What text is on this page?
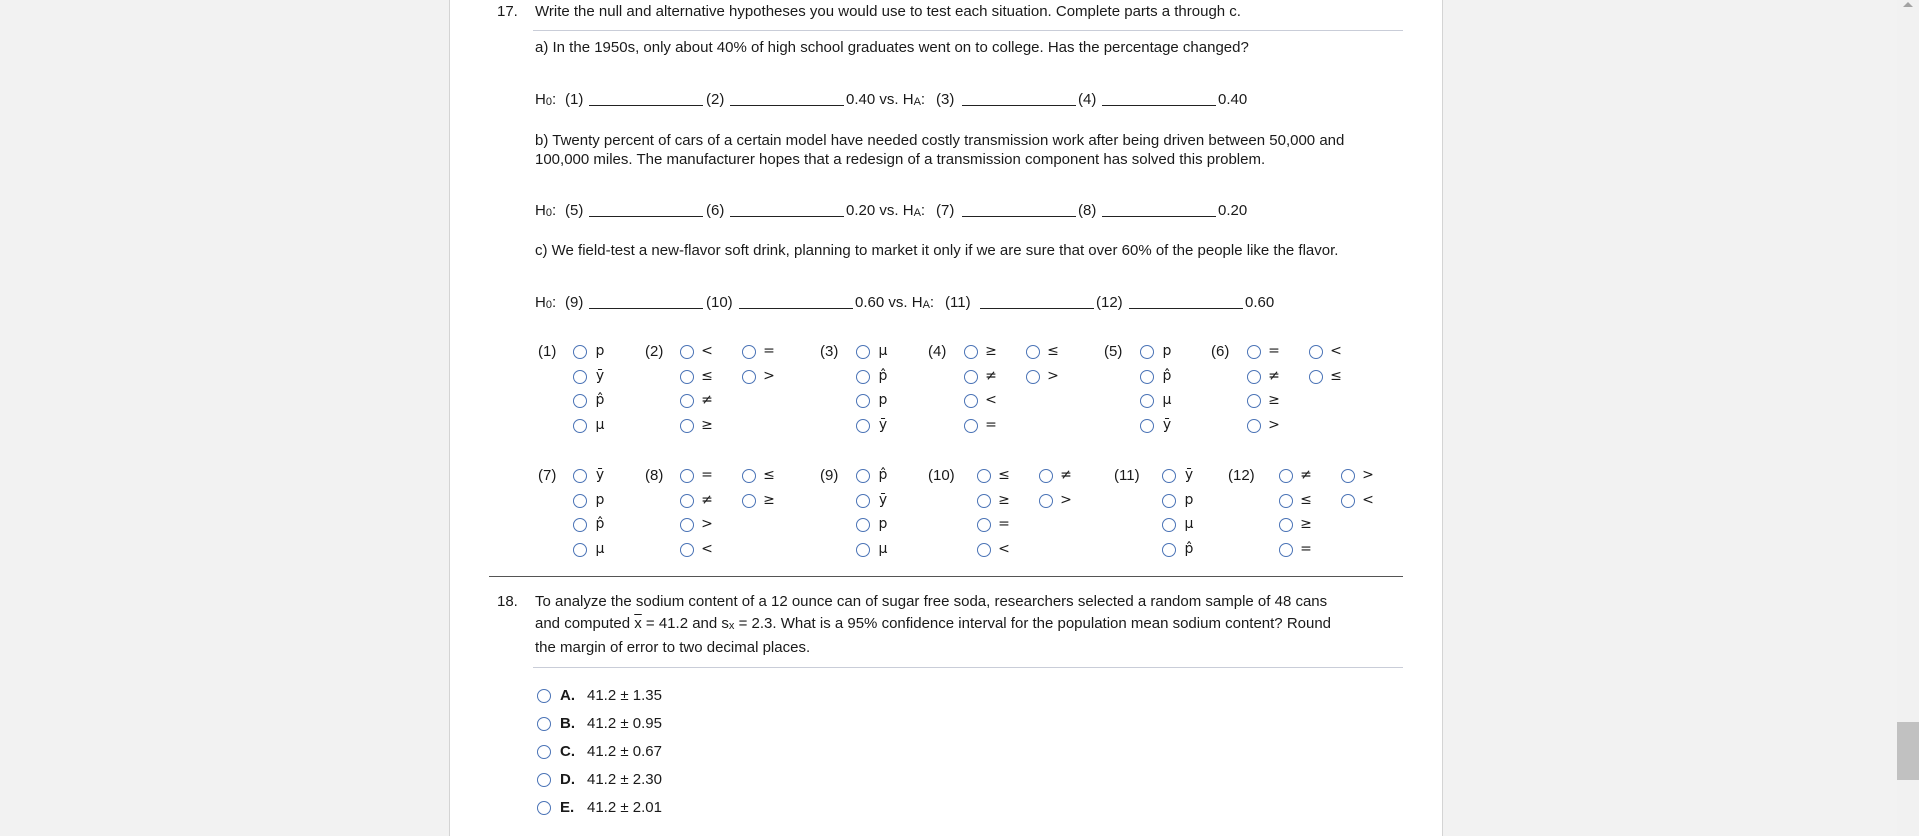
17. Write the null and alternative hypotheses you would use to test each situation. Complete parts a through c.
a) In the 1950s, only about 40% of high school graduates went on to college. Has the percentage changed?
$H_0$: (1)	(2)	0.40 vs. $H_A$: (3)	(4)	0.40
b) Twenty percent of cars of a certain model have needed costly transmission work after being driven between 50,000 and
100,000 miles. The manufacturer hopes that a redesign of a transmission component has solved this problem.
$H_0$: (5)	(6)	0.20 vs. $H_A$: (7)	(8)	0.20
c) We field-test a new-flavor soft drink, planning to market it only if we are sure that over 60% of the people like the flavor.
$H_0$: (9)	(10)	0.60 vs. $H_A$: (11)	(12)	0.60
(1)	p
ȳ
p̂
μ
(2)	<
≤
≠
≥
=
>
(3)	μ
p̂
p
ȳ
(4)	≥
≠
<
=
≤
>
(5)	p
p̂
μ
ȳ
(6)	=
≠
≥
>
<
≤
(7)	ȳ
p
p̂
μ
(8)	=
≠
>
<
≤
≥
(9)	p̂
ȳ
p
μ
(10)	≤
≥
=
<
≠
>
(11)	ȳ
p
μ
p̂
(12)	≠
≤
≥
=
>
<
18. To analyze the sodium content of a 12 ounce can of sugar free soda, researchers selected a random sample of 48 cans
and computed $\overline{x} = 41.2$ and $s_x = 2.3$. What is a 95% confidence interval for the population mean sodium content? Round
the margin of error to two decimal places.
A. 41.2 ± 1.35
B. 41.2 ± 0.95
C. 41.2 ± 0.67
D. 41.2 ± 2.30
E. 41.2 ± 2.01
